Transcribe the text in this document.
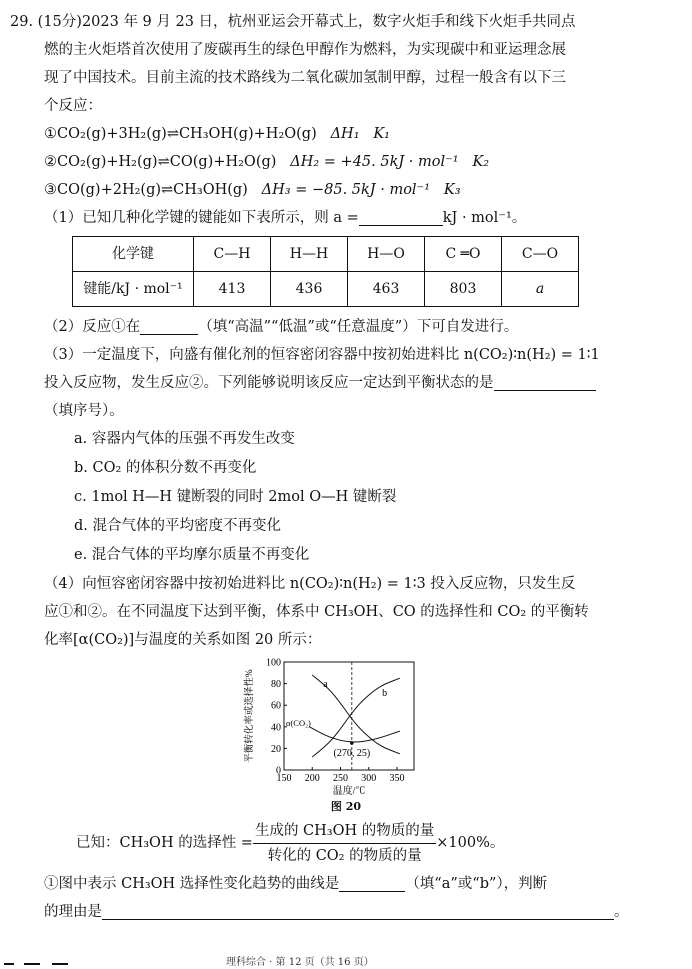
29. (15分)2023 年 9 月 23 日，杭州亚运会开幕式上，数字火炬手和线下火炬手共同点

燃的主火炬塔首次使用了废碳再生的绿色甲醇作为燃料，为实现碳中和亚运理念展

现了中国技术。目前主流的技术路线为二氧化碳加氢制甲醇，过程一般含有以下三

个反应：

①CO₂(g)+3H₂(g)⇌CH₃OH(g)+H₂O(g) ΔH₁ K₁

②CO₂(g)+H₂(g)⇌CO(g)+H₂O(g) ΔH₂ = +45. 5kJ · mol⁻¹ K₂

③CO(g)+2H₂(g)⇌CH₃OH(g) ΔH₃ = −85. 5kJ · mol⁻¹ K₃

（1）已知几种化学键的键能如下表所示，则 a =	kJ · mol⁻¹。

化学键	C—H	H—H	H—O	C ═O	C—O
键能/kJ · mol⁻¹	413	436	463	803	a

（2）反应①在	（填“高温”“低温”或“任意温度”）下可自发进行。

（3）一定温度下，向盛有催化剂的恒容密闭容器中按初始进料比 n(CO₂)∶n(H₂) = 1∶1

投入反应物，发生反应②。下列能够说明该反应一定达到平衡状态的是

（填序号）。

a. 容器内气体的压强不再发生改变

b. CO₂ 的体积分数不再变化

c. 1mol H—H 键断裂的同时 2mol O—H 键断裂

d. 混合气体的平均密度不再变化

e. 混合气体的平均摩尔质量不再变化

（4）向恒容密闭容器中按初始进料比 n(CO₂)∶n(H₂) = 1∶3 投入反应物，只发生反

应①和②。在不同温度下达到平衡，体系中 CH₃OH、CO 的选择性和 CO₂ 的平衡转

化率[α(CO₂)]与温度的关系如图 20 所示：

0
20
40
60
80
100
150 200 250 300 350
温度/℃
平衡转化率或选择性%	a
b
α(CO₂)
(270, 25)
图 20
已知：CH₃OH 的选择性 = $\frac{\text{生成的 CH₃OH 的物质的量}}{\text{转化的 CO₂ 的物质的量}} \times 100\%$。

①图中表示 CH₃OH 选择性变化趋势的曲线是	（填“a”或“b”），判断

的理由是	。

理科综合 · 第 12 页（共 16 页）
